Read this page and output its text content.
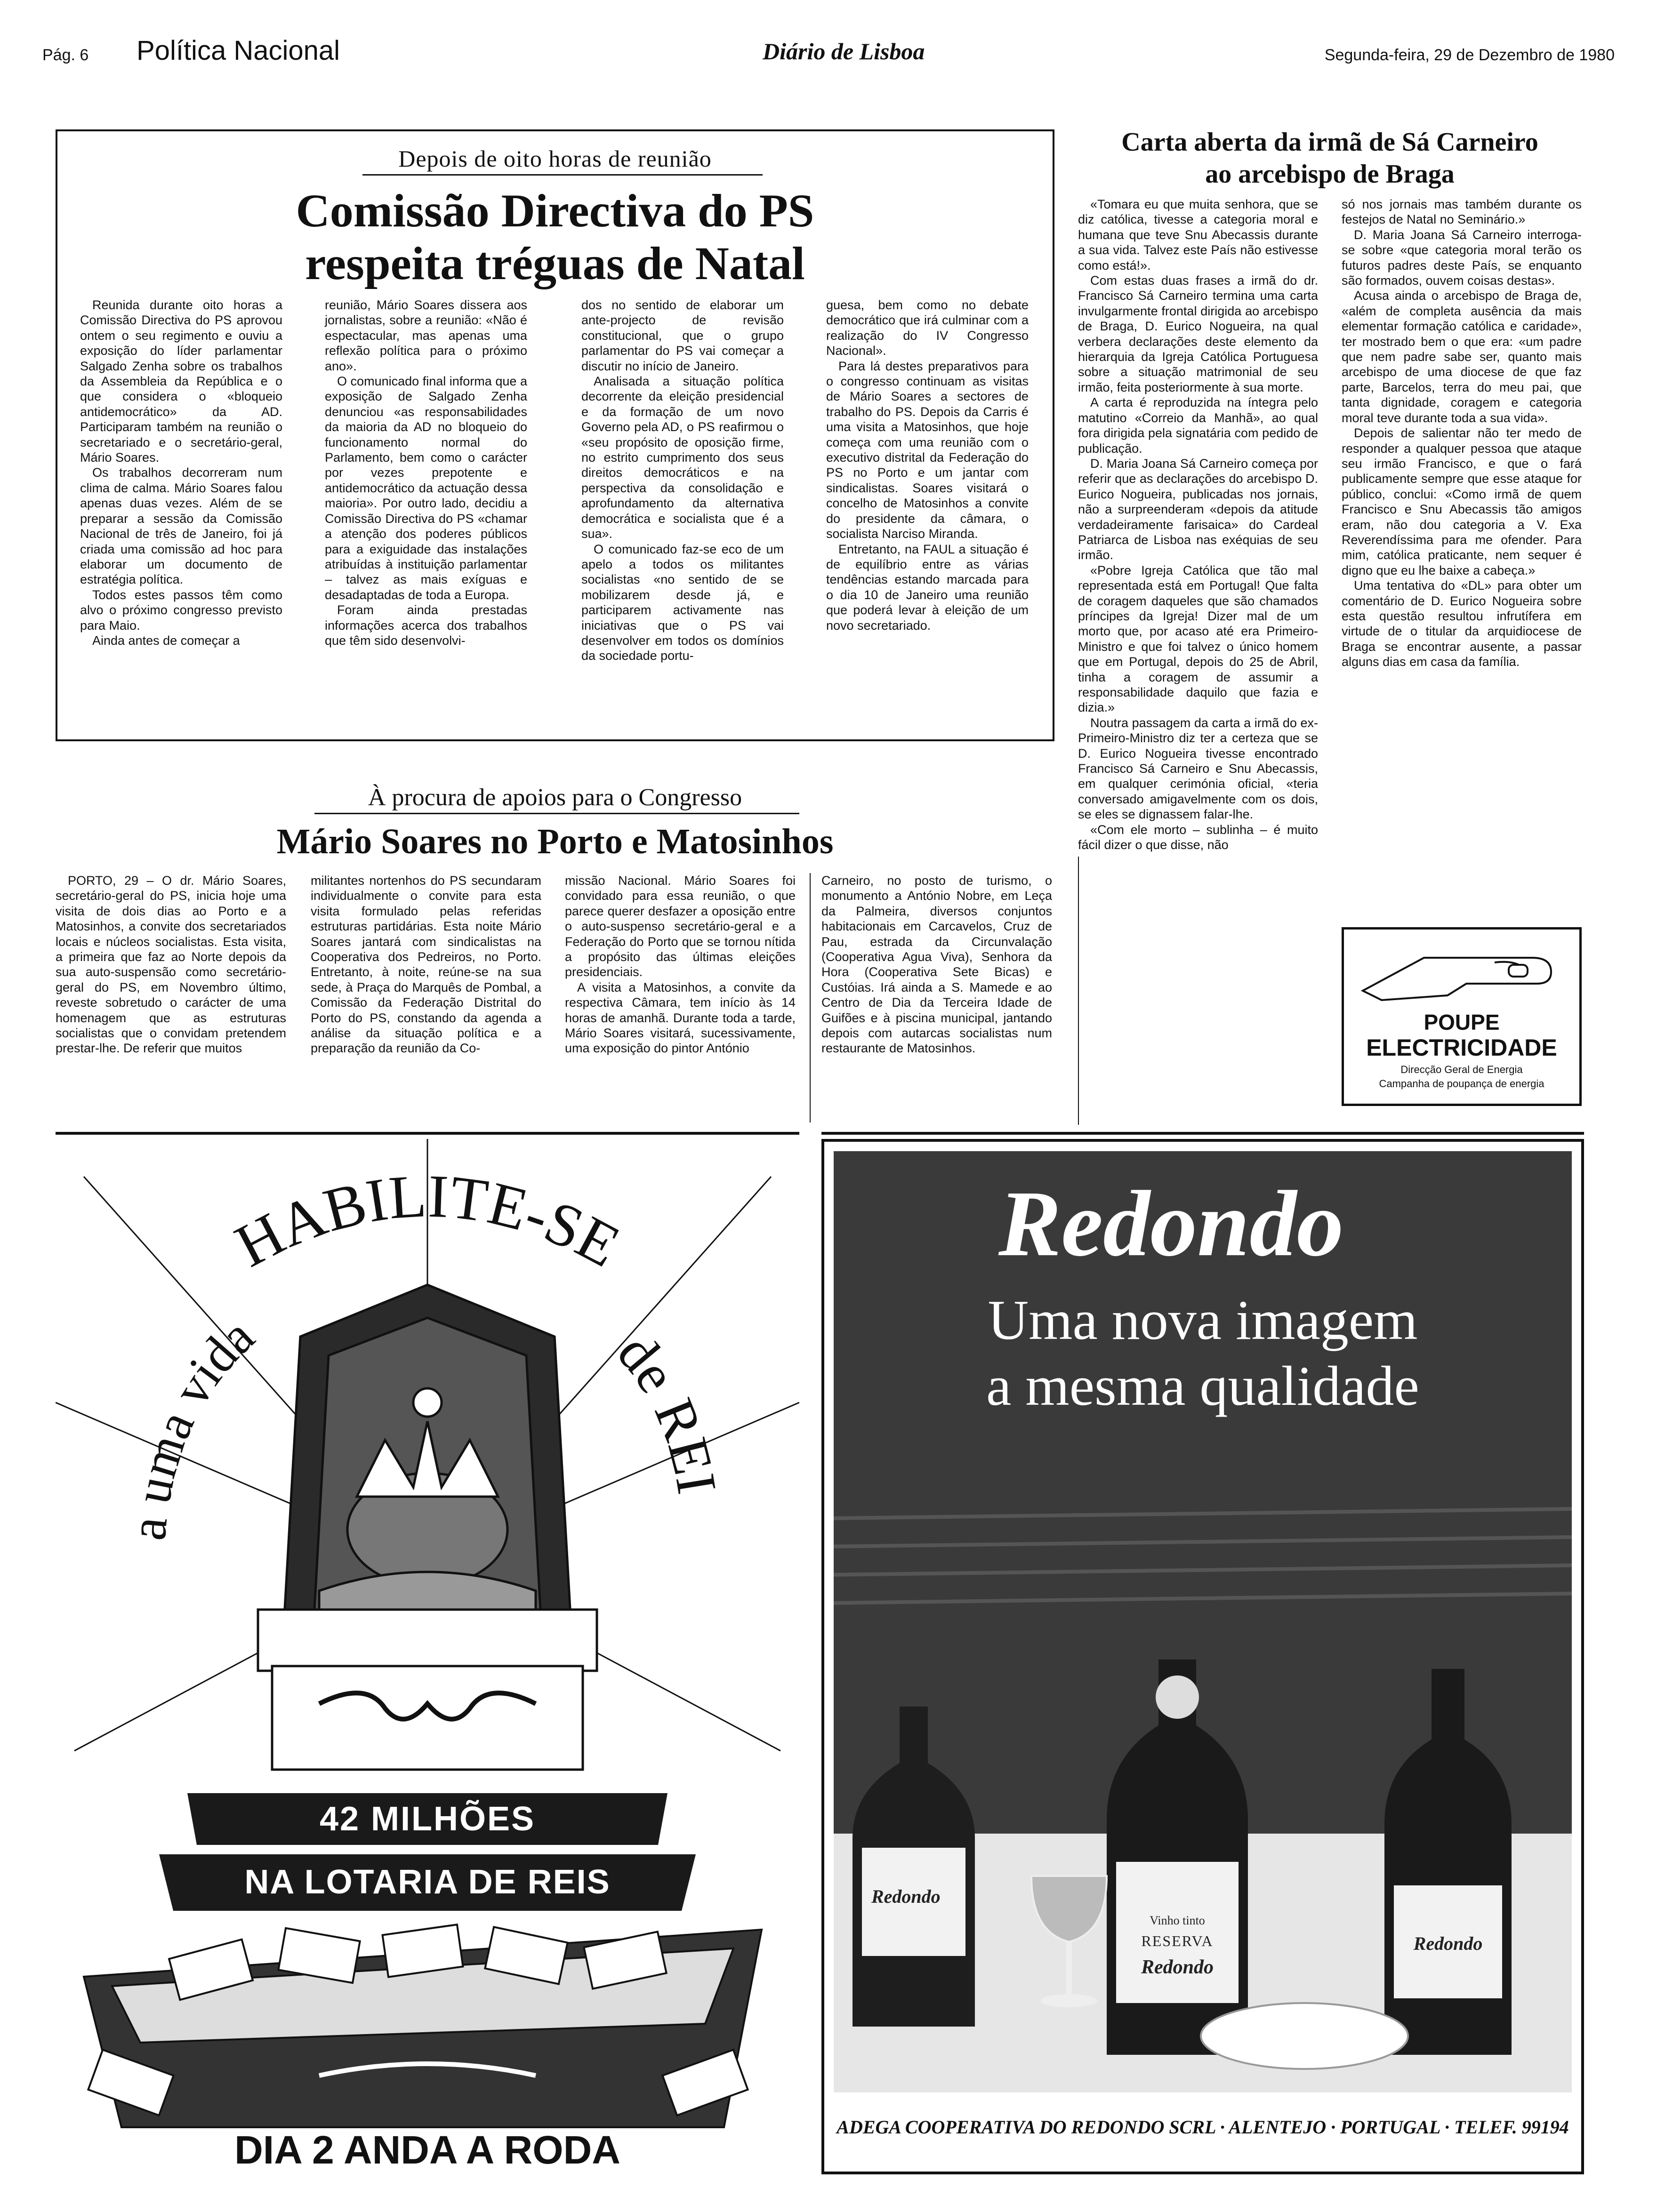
Pág. 6 Política Nacional	Diário de Lisboa	Segunda-feira, 29 de Dezembro de 1980
Depois de oito horas de reunião
Comissão Directiva do PS
respeita tréguas de Natal

Reunida durante oito horas a Comissão Directiva do PS aprovou ontem o seu regimento e ouviu a exposição do líder parlamentar Salgado Zenha sobre os trabalhos da Assembleia da República e o que considera o «bloqueio antidemocrático» da AD. Participaram também na reunião o secretariado e o secretário-geral, Mário Soares.

Os trabalhos decorreram num clima de calma. Mário Soares falou apenas duas vezes. Além de se preparar a sessão da Comissão Nacional de três de Janeiro, foi já criada uma comissão ad hoc para elaborar um documento de estratégia política.

Todos estes passos têm como alvo o próximo congresso previsto para Maio.

Ainda antes de começar a

reunião, Mário Soares dissera aos jornalistas, sobre a reunião: «Não é espectacular, mas apenas uma reflexão política para o próximo ano».

O comunicado final informa que a exposição de Salgado Zenha denunciou «as responsabilidades da maioria da AD no bloqueio do funcionamento normal do Parlamento, bem como o carácter por vezes prepotente e antidemocrático da actuação dessa maioria». Por outro lado, decidiu a Comissão Directiva do PS «chamar a atenção dos poderes públicos para a exiguidade das instalações atribuídas à instituição parlamentar – talvez as mais exíguas e desadaptadas de toda a Europa.

Foram ainda prestadas informações acerca dos trabalhos que têm sido desenvolvi-

dos no sentido de elaborar um ante-projecto de revisão constitucional, que o grupo parlamentar do PS vai começar a discutir no início de Janeiro.

Analisada a situação política decorrente da eleição presidencial e da formação de um novo Governo pela AD, o PS reafirmou o «seu propósito de oposição firme, no estrito cumprimento dos seus direitos democráticos e na perspectiva da consolidação e aprofundamento da alternativa democrática e socialista que é a sua».

O comunicado faz-se eco de um apelo a todos os militantes socialistas «no sentido de se mobilizarem desde já, e participarem activamente nas iniciativas que o PS vai desenvolver em todos os domínios da sociedade portu-

guesa, bem como no debate democrático que irá culminar com a realização do IV Congresso Nacional».

Para lá destes preparativos para o congresso continuam as visitas de Mário Soares a sectores de trabalho do PS. Depois da Carris é uma visita a Matosinhos, que hoje começa com uma reunião com o executivo distrital da Federação do PS no Porto e um jantar com sindicalistas. Soares visitará o concelho de Matosinhos a convite do presidente da câmara, o socialista Narciso Miranda.

Entretanto, na FAUL a situação é de equilíbrio entre as várias tendências estando marcada para o dia 10 de Janeiro uma reunião que poderá levar à eleição de um novo secretariado.

À procura de apoios para o Congresso
Mário Soares no Porto e Matosinhos

PORTO, 29 – O dr. Mário Soares, secretário-geral do PS, inicia hoje uma visita de dois dias ao Porto e a Matosinhos, a convite dos secretariados locais e núcleos socialistas. Esta visita, a primeira que faz ao Norte depois da sua auto-suspensão como secretário-geral do PS, em Novembro último, reveste sobretudo o carácter de uma homenagem que as estruturas socialistas que o convidam pretendem prestar-lhe. De referir que muitos

militantes nortenhos do PS secundaram individualmente o convite para esta visita formulado pelas referidas estruturas partidárias. Esta noite Mário Soares jantará com sindicalistas na Cooperativa dos Pedreiros, no Porto. Entretanto, à noite, reúne-se na sua sede, à Praça do Marquês de Pombal, a Comissão da Federação Distrital do Porto do PS, constando da agenda a análise da situação política e a preparação da reunião da Co-

missão Nacional. Mário Soares foi convidado para essa reunião, o que parece querer desfazer a oposição entre o auto-suspenso secretário-geral e a Federação do Porto que se tornou nítida a propósito das últimas eleições presidenciais.

A visita a Matosinhos, a convite da respectiva Câmara, tem início às 14 horas de amanhã. Durante toda a tarde, Mário Soares visitará, sucessivamente, uma exposição do pintor António

Carneiro, no posto de turismo, o monumento a António Nobre, em Leça da Palmeira, diversos conjuntos habitacionais em Carcavelos, Cruz de Pau, estrada da Circunvalação (Cooperativa Agua Viva), Senhora da Hora (Cooperativa Sete Bicas) e Custóias. Irá ainda a S. Mamede e ao Centro de Dia da Terceira Idade de Guifões e à piscina municipal, jantando depois com autarcas socialistas num restaurante de Matosinhos.

Carta aberta da irmã de Sá Carneiro
ao arcebispo de Braga

«Tomara eu que muita senhora, que se diz católica, tivesse a categoria moral e humana que teve Snu Abecassis durante a sua vida. Talvez este País não estivesse como está!».

Com estas duas frases a irmã do dr. Francisco Sá Carneiro termina uma carta invulgarmente frontal dirigida ao arcebispo de Braga, D. Eurico Nogueira, na qual verbera declarações deste elemento da hierarquia da Igreja Católica Portuguesa sobre a situação matrimonial de seu irmão, feita posteriormente à sua morte.

A carta é reproduzida na íntegra pelo matutino «Correio da Manhã», ao qual fora dirigida pela signatária com pedido de publicação.

D. Maria Joana Sá Carneiro começa por referir que as declarações do arcebispo D. Eurico Nogueira, publicadas nos jornais, não a surpreenderam «depois da atitude verdadeiramente farisaica» do Cardeal Patriarca de Lisboa nas exéquias de seu irmão.

«Pobre Igreja Católica que tão mal representada está em Portugal! Que falta de coragem daqueles que são chamados príncipes da Igreja! Dizer mal de um morto que, por acaso até era Primeiro-Ministro e que foi talvez o único homem que em Portugal, depois do 25 de Abril, tinha a coragem de assumir a responsabilidade daquilo que fazia e dizia.»

Noutra passagem da carta a irmã do ex-Primeiro-Ministro diz ter a certeza que se D. Eurico Nogueira tivesse encontrado Francisco Sá Carneiro e Snu Abecassis, em qualquer cerimónia oficial, «teria conversado amigavelmente com os dois, se eles se dignassem falar-lhe.

«Com ele morto – sublinha – é muito fácil dizer o que disse, não

só nos jornais mas também durante os festejos de Natal no Seminário.»

D. Maria Joana Sá Carneiro interroga-se sobre «que categoria moral terão os futuros padres deste País, se enquanto são formados, ouvem coisas destas».

Acusa ainda o arcebispo de Braga de, «além de completa ausência da mais elementar formação católica e caridade», ter mostrado bem o que era: «um padre que nem padre sabe ser, quanto mais arcebispo de uma diocese de que faz parte, Barcelos, terra do meu pai, que tanta dignidade, coragem e categoria moral teve durante toda a sua vida».

Depois de salientar não ter medo de responder a qualquer pessoa que ataque seu irmão Francisco, e que o fará publicamente sempre que esse ataque for público, conclui: «Como irmã de quem Francisco e Snu Abecassis tão amigos eram, não dou categoria a V. Exa Reverendíssima para me ofender. Para mim, católica praticante, nem sequer é digno que eu lhe baixe a cabeça.»

Uma tentativa do «DL» para obter um comentário de D. Eurico Nogueira sobre esta questão resultou infrutífera em virtude de o titular da arquidiocese de Braga se encontrar ausente, a passar alguns dias em casa da família.

POUPE
ELECTRICIDADE
Direcção Geral de Energia
Campanha de poupança de energia
HABILITE-SE
a uma vida	de REI
42 MILHÕES
NA LOTARIA DE REIS
DIA 2 ANDA A RODA
Redondo
Uma nova imagem
a mesma qualidade
Redondo
Vinho tinto
RESERVA
Redondo
Redondo
ADEGA COOPERATIVA DO REDONDO SCRL · ALENTEJO · PORTUGAL · TELEF. 99194
